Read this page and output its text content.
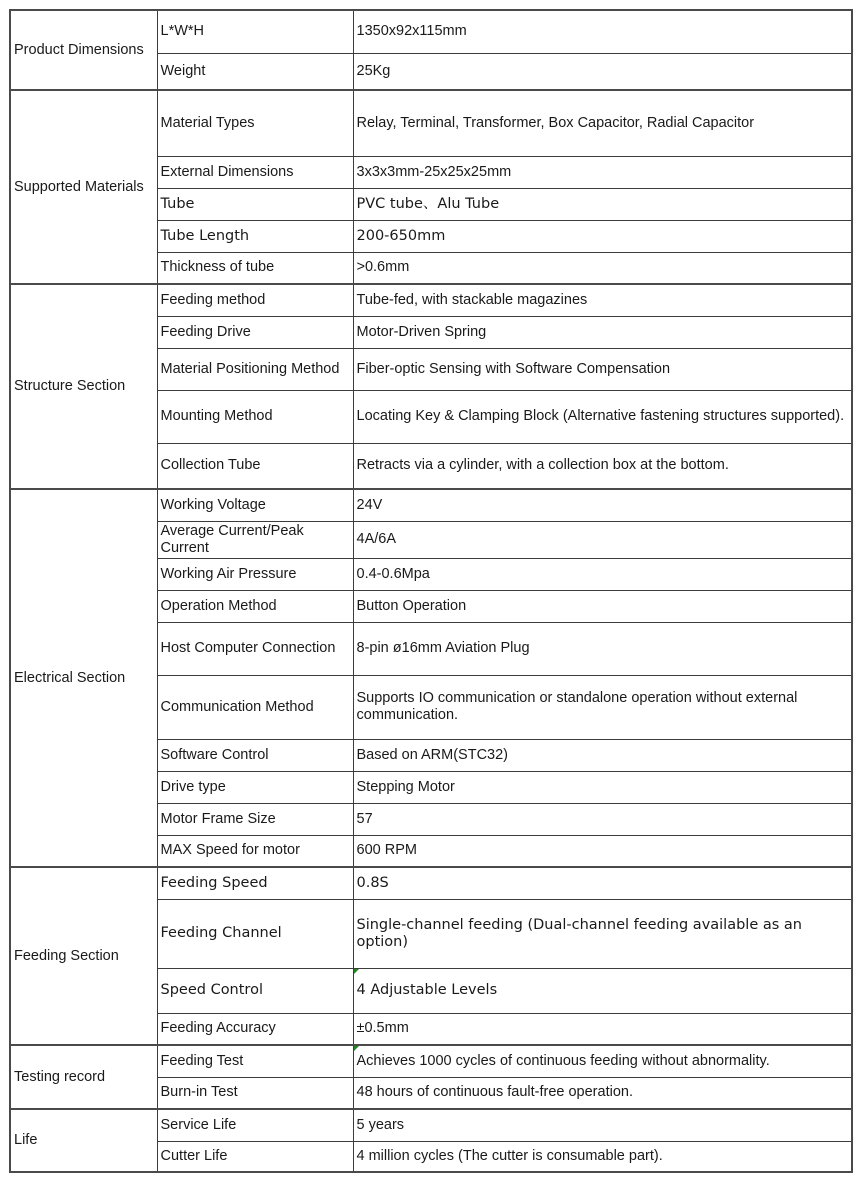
Product Dimensions	L*W*H	1350x92x115mm
	Weight	25Kg
Supported Materials	Material Types	Relay, Terminal, Transformer, Box Capacitor, Radial Capacitor
	External Dimensions	3x3x3mm-25x25x25mm
	Tube	PVC tube、Alu Tube
	Tube Length	200-650mm
	Thickness of tube	>0.6mm
Structure Section	Feeding method	Tube-fed, with stackable magazines
	Feeding Drive	Motor-Driven Spring
	Material Positioning Method	Fiber-optic Sensing with Software Compensation
	Mounting Method	Locating Key & Clamping Block (Alternative fastening structures supported).
	Collection Tube	Retracts via a cylinder, with a collection box at the bottom.
Electrical Section	Working Voltage	24V
	Average Current/Peak Current	4A/6A
	Working Air Pressure	0.4-0.6Mpa
	Operation Method	Button Operation
	Host Computer Connection	8-pin ø16mm Aviation Plug
	Communication Method	Supports IO communication or standalone operation without external communication.
	Software Control	Based on ARM(STC32)
	Drive type	Stepping Motor
	Motor Frame Size	57
	MAX Speed for motor	600 RPM
Feeding Section	Feeding Speed	0.8S
	Feeding Channel	Single-channel feeding (Dual-channel feeding available as an option)
	Speed Control	4 Adjustable Levels
	Feeding Accuracy	±0.5mm
Testing record	Feeding Test	Achieves 1000 cycles of continuous feeding without abnormality.
	Burn-in Test	48 hours of continuous fault-free operation.
Life	Service Life	5 years
	Cutter Life	4 million cycles (The cutter is consumable part).
